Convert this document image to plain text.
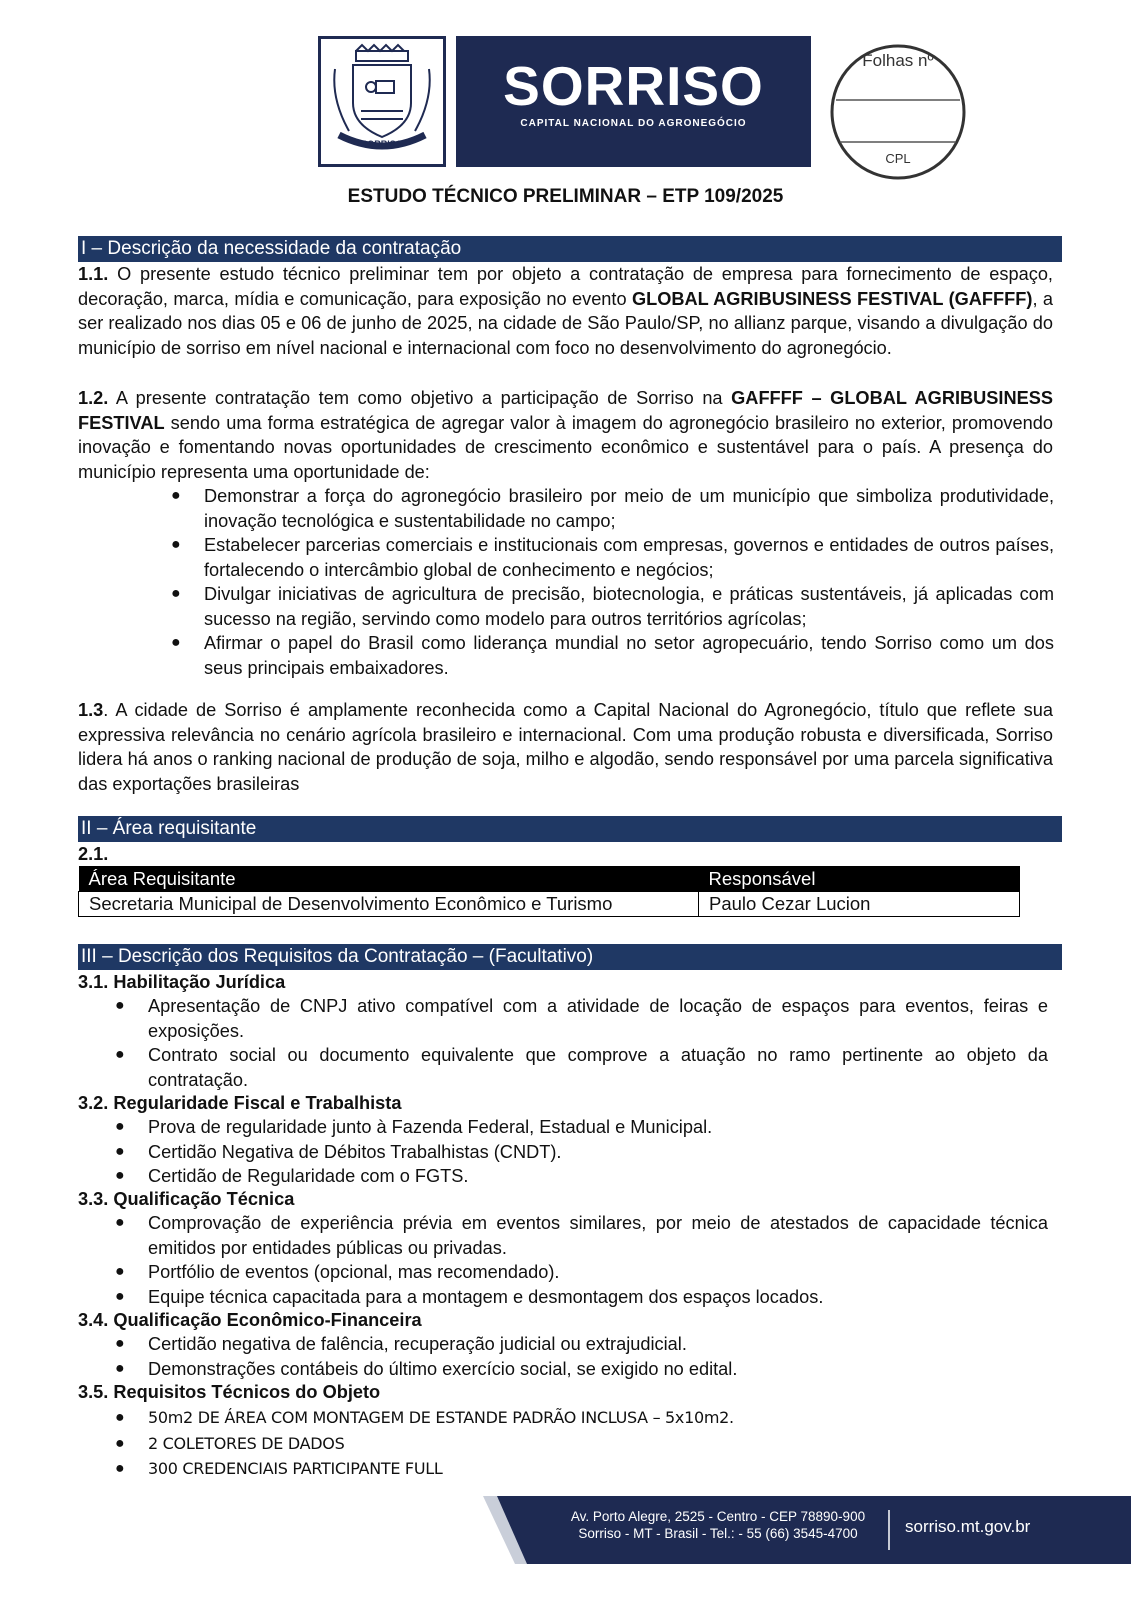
SORRISO
SORRISO
CAPITAL NACIONAL DO AGRONEGÓCIO
Folhas nº
CPL
ESTUDO TÉCNICO PRELIMINAR – ETP 109/2025
I – Descrição da necessidade da contratação

1.1. O presente estudo técnico preliminar tem por objeto a contratação de empresa para fornecimento de espaço, decoração, marca, mídia e comunicação, para exposição no evento GLOBAL AGRIBUSINESS FESTIVAL (GAFFFF), a ser realizado nos dias 05 e 06 de junho de 2025, na cidade de São Paulo/SP, no allianz parque, visando a divulgação do município de sorriso em nível nacional e internacional com foco no desenvolvimento do agronegócio.

1.2. A presente contratação tem como objetivo a participação de Sorriso na GAFFFF – GLOBAL AGRIBUSINESS FESTIVAL sendo uma forma estratégica de agregar valor à imagem do agronegócio brasileiro no exterior, promovendo inovação e fomentando novas oportunidades de crescimento econômico e sustentável para o país. A presença do município representa uma oportunidade de:

● Demonstrar a força do agronegócio brasileiro por meio de um município que simboliza produtividade, inovação tecnológica e sustentabilidade no campo;
● Estabelecer parcerias comerciais e institucionais com empresas, governos e entidades de outros países, fortalecendo o intercâmbio global de conhecimento e negócios;
● Divulgar iniciativas de agricultura de precisão, biotecnologia, e práticas sustentáveis, já aplicadas com sucesso na região, servindo como modelo para outros territórios agrícolas;
● Afirmar o papel do Brasil como liderança mundial no setor agropecuário, tendo Sorriso como um dos seus principais embaixadores.

1.3. A cidade de Sorriso é amplamente reconhecida como a Capital Nacional do Agronegócio, título que reflete sua expressiva relevância no cenário agrícola brasileiro e internacional. Com uma produção robusta e diversificada, Sorriso lidera há anos o ranking nacional de produção de soja, milho e algodão, sendo responsável por uma parcela significativa das exportações brasileiras

II – Área requisitante
2.1.
Área Requisitante	Responsável
Secretaria Municipal de Desenvolvimento Econômico e Turismo	Paulo Cezar Lucion
III – Descrição dos Requisitos da Contratação – (Facultativo)
3.1. Habilitação Jurídica
● Apresentação de CNPJ ativo compatível com a atividade de locação de espaços para eventos, feiras e exposições.
● Contrato social ou documento equivalente que comprove a atuação no ramo pertinente ao objeto da contratação.
3.2. Regularidade Fiscal e Trabalhista
● Prova de regularidade junto à Fazenda Federal, Estadual e Municipal.
● Certidão Negativa de Débitos Trabalhistas (CNDT).
● Certidão de Regularidade com o FGTS.
3.3. Qualificação Técnica
● Comprovação de experiência prévia em eventos similares, por meio de atestados de capacidade técnica emitidos por entidades públicas ou privadas.
● Portfólio de eventos (opcional, mas recomendado).
● Equipe técnica capacitada para a montagem e desmontagem dos espaços locados.
3.4. Qualificação Econômico-Financeira
● Certidão negativa de falência, recuperação judicial ou extrajudicial.
● Demonstrações contábeis do último exercício social, se exigido no edital.
3.5. Requisitos Técnicos do Objeto
● 50m2 DE ÁREA COM MONTAGEM DE ESTANDE PADRÃO INCLUSA – 5x10m2.
● 2 COLETORES DE DADOS
● 300 CREDENCIAIS PARTICIPANTE FULL
Av. Porto Alegre, 2525 - Centro - CEP 78890-900
Sorriso - MT - Brasil - Tel.: - 55 (66) 3545-4700	sorriso.mt.gov.br
